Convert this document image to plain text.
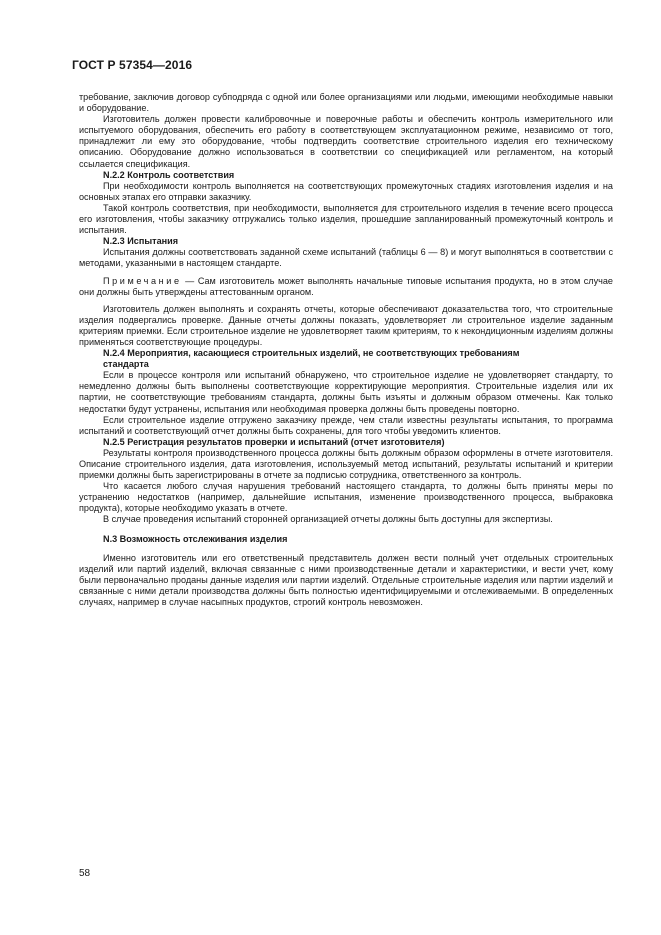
ГОСТ Р 57354—2016

требование, заключив договор субподряда с одной или более организациями или людьми, имеющими необходимые навыки и оборудование.

Изготовитель должен провести калибровочные и поверочные работы и обеспечить контроль измерительного или испытуемого оборудования, обеспечить его работу в соответствующем эксплуатационном режиме, независимо от того, принадлежит ли ему это оборудование, чтобы подтвердить соответствие строительного изделия его техническому описанию. Оборудование должно использоваться в соответствии со спецификацией или регламентом, на который ссылается спецификация.

N.2.2 Контроль соответствия

При необходимости контроль выполняется на соответствующих промежуточных стадиях изготовления изделия и на основных этапах его отправки заказчику.

Такой контроль соответствия, при необходимости, выполняется для строительного изделия в течение всего процесса его изготовления, чтобы заказчику отгружались только изделия, прошедшие запланированный промежуточный контроль и испытания.

N.2.3 Испытания

Испытания должны соответствовать заданной схеме испытаний (таблицы 6 — 8) и могут выполняться в соответствии с методами, указанными в настоящем стандарте.

Примечание — Сам изготовитель может выполнять начальные типовые испытания продукта, но в этом случае они должны быть утверждены аттестованным органом.

Изготовитель должен выполнять и сохранять отчеты, которые обеспечивают доказательства того, что строительные изделия подвергались проверке. Данные отчеты должны показать, удовлетворяет ли строительное изделие заданным критериям приемки. Если строительное изделие не удовлетворяет таким критериям, то к некондиционным изделиям должны применяться соответствующие процедуры.

N.2.4 Мероприятия, касающиеся строительных изделий, не соответствующих требованиям
стандарта

Если в процессе контроля или испытаний обнаружено, что строительное изделие не удовлетворяет стандарту, то немедленно должны быть выполнены соответствующие корректирующие мероприятия. Строительные изделия или их партии, не соответствующие требованиям стандарта, должны быть изъяты и должным образом отмечены. Как только недостатки будут устранены, испытания или необходимая проверка должны быть проведены повторно.

Если строительное изделие отгружено заказчику прежде, чем стали известны результаты испытания, то программа испытаний и соответствующий отчет должны быть сохранены, для того чтобы уведомить клиентов.

N.2.5 Регистрация результатов проверки и испытаний (отчет изготовителя)

Результаты контроля производственного процесса должны быть должным образом оформлены в отчете изготовителя. Описание строительного изделия, дата изготовления, используемый метод испытаний, результаты испытаний и критерии приемки должны быть зарегистрированы в отчете за подписью сотрудника, ответственного за контроль.

Что касается любого случая нарушения требований настоящего стандарта, то должны быть приняты меры по устранению недостатков (например, дальнейшие испытания, изменение производственного процесса, выбраковка продукта), которые необходимо указать в отчете.

В случае проведения испытаний сторонней организацией отчеты должны быть доступны для экспертизы.

N.3 Возможность отслеживания изделия

Именно изготовитель или его ответственный представитель должен вести полный учет отдельных строительных изделий или партий изделий, включая связанные с ними производственные детали и характеристики, и вести учет, кому были первоначально проданы данные изделия или партии изделий. Отдельные строительные изделия или партии изделий и связанные с ними детали производства должны быть полностью идентифицируемыми и отслеживаемыми. В определенных случаях, например в случае насыпных продуктов, строгий контроль невозможен.

58
